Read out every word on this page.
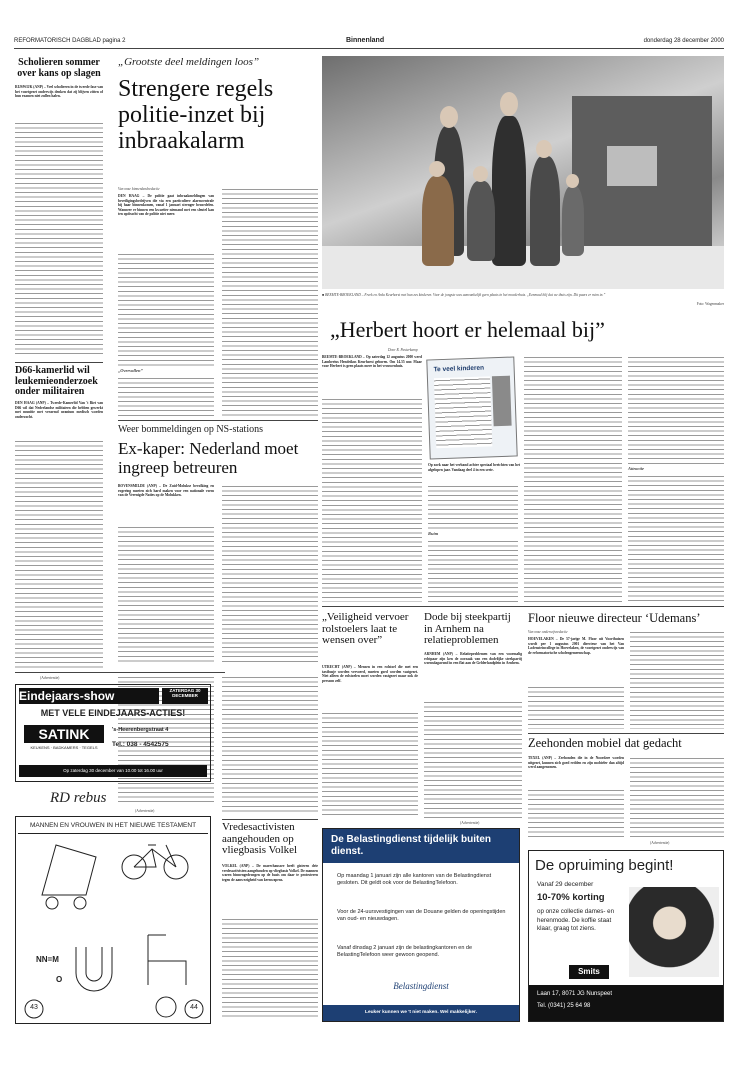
REFORMATORISCH DAGBLAD pagina 2	Binnenland	donderdag 28 december 2000
Scholieren sommer over kans op slagen
RIJSWIJK (ANP) – Veel scholieren in de tweede fase van het voortgezet onderwijs denken dat zij blijven zitten of hun examen niet zullen halen.
D66-kamerlid wil leukemieonderzoek onder militairen
DEN HAAG (ANP) – Tweede-Kamerlid Van 't Riet van D66 wil dat Nederlandse militairen die hebben gewerkt met munitie met verarmd uranium medisch worden onderzocht.
„Grootste deel meldingen loos”
Strengere regels politie-inzet bij inbraakalarm
Van onze binnenlandredactie
DEN HAAG – De politie gaat inbraakmeldingen van beveiligingsbedrijven die via een particuliere alarmcentrale bij haar binnenkomen, vanaf 1 januari strenger beoordelen. Wanneer er binnen een kwartier niemand met een sleutel kan ten opdracht van de politie niet meer.
„Overvallen”
Weer bommeldingen op NS-stations
Ex-kaper: Nederland moet ingreep betreuren
BOVENSMILDE (ANP) – De Zuid-Molukse bevolking en rogering moeten zich hard maken voor een nationale vorm van de Verenigde Naties op de Molukken.
■ BEEMTE-BROEKLAND – Freek en Arda Keurhorst met hun zes kinderen. Voor de jongste was aanvankelijk geen plaats in het moederhuis. „Eenmaal blij dat we thuis zijn. Dit paars er ruim in.”
Foto: Wagenmaker
„Herbert hoort er helemaal bij”
Door R. Pasterkamp
BEEMTE-BROEKLAND – Op zaterdag 12 augustus 2000 werd Lamberius Hendrikus Keurhorst geboren. Om 14.55 uur. Maar voor Herbert is geen plaats meer in het vrouwenhuis.	Te veel kinderen
Op zoek naar het verband achter speciaal berichten van het afgelopen jaar. Vandaag deel 4 in een serie.
Ruim
Attractie
„Veiligheid vervoer rolstoelers laat te wensen over”
UTRECHT (ANP) – Mensen in een rolstoel die met een taxibusje worden vervoerd, moeten goed worden vastgezet. Niet alleen de rolstoelen moet worden vastgezet maar ook de persoon zelf.
Dode bij steekpartij in Arnhem na relatieproblemen
ARNHEM (ANP) – Relatieproblemen van een voormalig echtpaar zijn ken de oorzaak van een dodelijke steekpartij woensdagavond in een flat aan de Gelderlandplein in Arnhem.
(Advertentie)
Floor nieuwe directeur ‘Udemans’
Van onze onderwijsredactie
HOEVELAKEN – De 57-jarige M. Floor uit Voorthuizen wordt per 1 augustus 2001 directeur van het Van Lodensteincollege in Hoevelaken, de voortgezet onderwijs van de reformatorische scholengemeenschap.
Zeehonden mobiel dat gedacht
TEXEL (ANP) – Zeehonden die in de Noordzee worden uitgezet, kunnen zich goed redden en zijn mobieler dan altijd werd aangenomen.
(Advertentie)
Vredesactivisten aangehouden op vliegbasis Volkel
VOLKEL (ANP) – De marechaussee heeft gisteren drie vredesactivisten aangehouden op vliegbasis Volkel. De mannen waren binnengedrongen op de basis om daar te protesteren tegen de aanwezigheid van kernwapens.
(Advertentie)
(Advertentie)
Eindejaars-show	ZATERDAG 30 DECEMBER
MET VELE EINDEJAARS-ACTIES!
SATINK
KEUKENS · BADKAMERS · TEGELS
's-Heerenbergstraat 4
Tel.: 038 - 4542575
Op zaterdag 30 december van 10.00 tot 16.00 uur
RD rebus
MANNEN EN VROUWEN IN HET NIEUWE TESTAMENT
NN=M
O
43	44
De Belastingdienst tijdelijk buiten dienst.
Op maandag 1 januari zijn alle kantoren van de Belastingdienst gesloten. Dit geldt ook voor de BelastingTelefoon.
Voor de 24-uursvestigingen van de Douane gelden de openingstijden van oud- en nieuwdagen.
Vanaf dinsdag 2 januari zijn de belastingkantoren en de BelastingTelefoon weer gewoon geopend.
Belastingdienst
Leuker kunnen we 't niet maken. Wel makkelijker.
De opruiming begint!
Vanaf 29 december
10-70% korting
op onze collectie dames- en herenmode. De koffie staat klaar, graag tot ziens.
Smits
Laan 17, 8071 JG Nunspeet
Tel. (0341) 25 64 98
